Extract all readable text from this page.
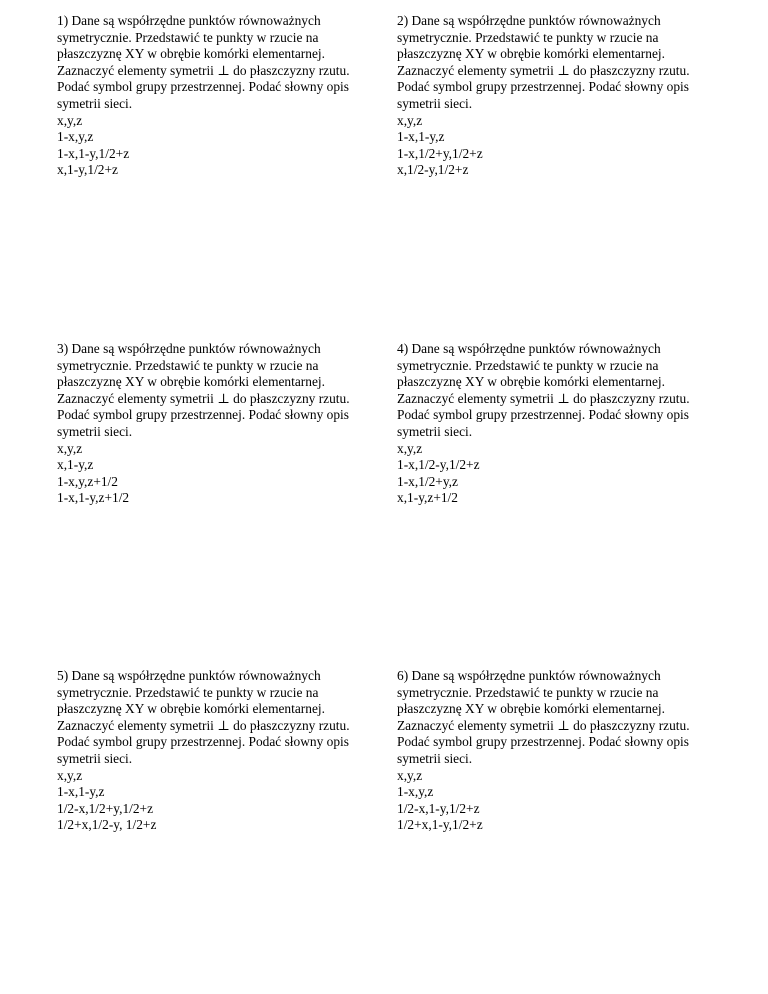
1) Dane są współrzędne punktów równoważnych symetrycznie. Przedstawić te punkty w rzucie na płaszczyznę XY w obrębie komórki elementarnej. Zaznaczyć elementy symetrii ⊥ do płaszczyzny rzutu. Podać symbol grupy przestrzennej. Podać słowny opis symetrii sieci.

x,y,z
1-x,y,z
1-x,1-y,1/2+z
x,1-y,1/2+z

2) Dane są współrzędne punktów równoważnych symetrycznie. Przedstawić te punkty w rzucie na płaszczyznę XY w obrębie komórki elementarnej. Zaznaczyć elementy symetrii ⊥ do płaszczyzny rzutu. Podać symbol grupy przestrzennej. Podać słowny opis symetrii sieci.

x,y,z
1-x,1-y,z
1-x,1/2+y,1/2+z
x,1/2-y,1/2+z

3) Dane są współrzędne punktów równoważnych symetrycznie. Przedstawić te punkty w rzucie na płaszczyznę XY w obrębie komórki elementarnej. Zaznaczyć elementy symetrii ⊥ do płaszczyzny rzutu. Podać symbol grupy przestrzennej. Podać słowny opis symetrii sieci.

x,y,z
x,1-y,z
1-x,y,z+1/2
1-x,1-y,z+1/2

4) Dane są współrzędne punktów równoważnych symetrycznie. Przedstawić te punkty w rzucie na płaszczyznę XY w obrębie komórki elementarnej. Zaznaczyć elementy symetrii ⊥ do płaszczyzny rzutu. Podać symbol grupy przestrzennej. Podać słowny opis symetrii sieci.

x,y,z
1-x,1/2-y,1/2+z
1-x,1/2+y,z
x,1-y,z+1/2

5) Dane są współrzędne punktów równoważnych symetrycznie. Przedstawić te punkty w rzucie na płaszczyznę XY w obrębie komórki elementarnej. Zaznaczyć elementy symetrii ⊥ do płaszczyzny rzutu. Podać symbol grupy przestrzennej. Podać słowny opis symetrii sieci.

x,y,z
1-x,1-y,z
1/2-x,1/2+y,1/2+z
1/2+x,1/2-y, 1/2+z

6) Dane są współrzędne punktów równoważnych symetrycznie. Przedstawić te punkty w rzucie na płaszczyznę XY w obrębie komórki elementarnej. Zaznaczyć elementy symetrii ⊥ do płaszczyzny rzutu. Podać symbol grupy przestrzennej. Podać słowny opis symetrii sieci.

x,y,z
1-x,y,z
1/2-x,1-y,1/2+z
1/2+x,1-y,1/2+z
